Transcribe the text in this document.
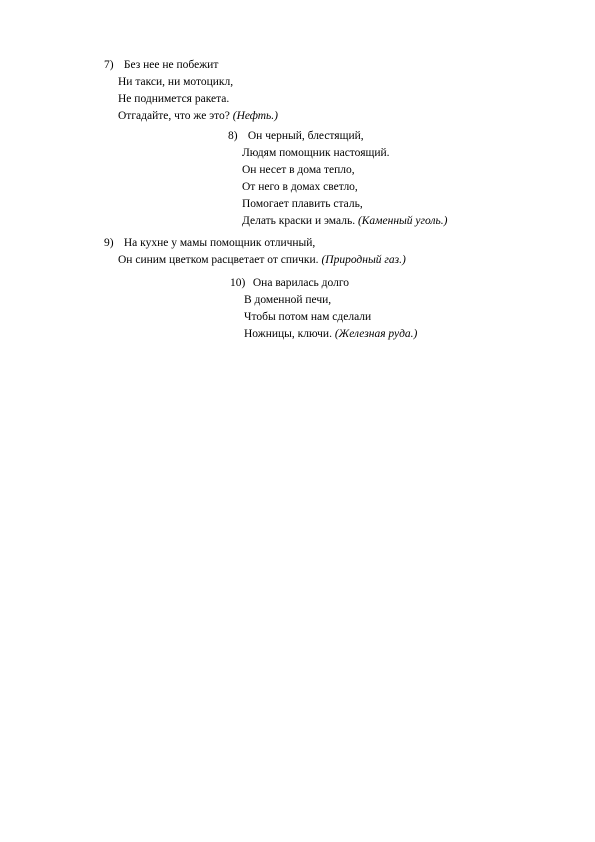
7) Без нее не побежит
Ни такси, ни мотоцикл,
Не поднимется ракета.
Отгадайте, что же это? (Нефть.)
8) Он черный, блестящий,
Людям помощник настоящий.
Он несет в дома тепло,
От него в домах светло,
Помогает плавить сталь,
Делать краски и эмаль. (Каменный уголь.)
9) На кухне у мамы помощник отличный,
Он синим цветком расцветает от спички. (Природный газ.)
10) Она варилась долго
В доменной печи,
Чтобы потом нам сделали
Ножницы, ключи. (Железная руда.)
